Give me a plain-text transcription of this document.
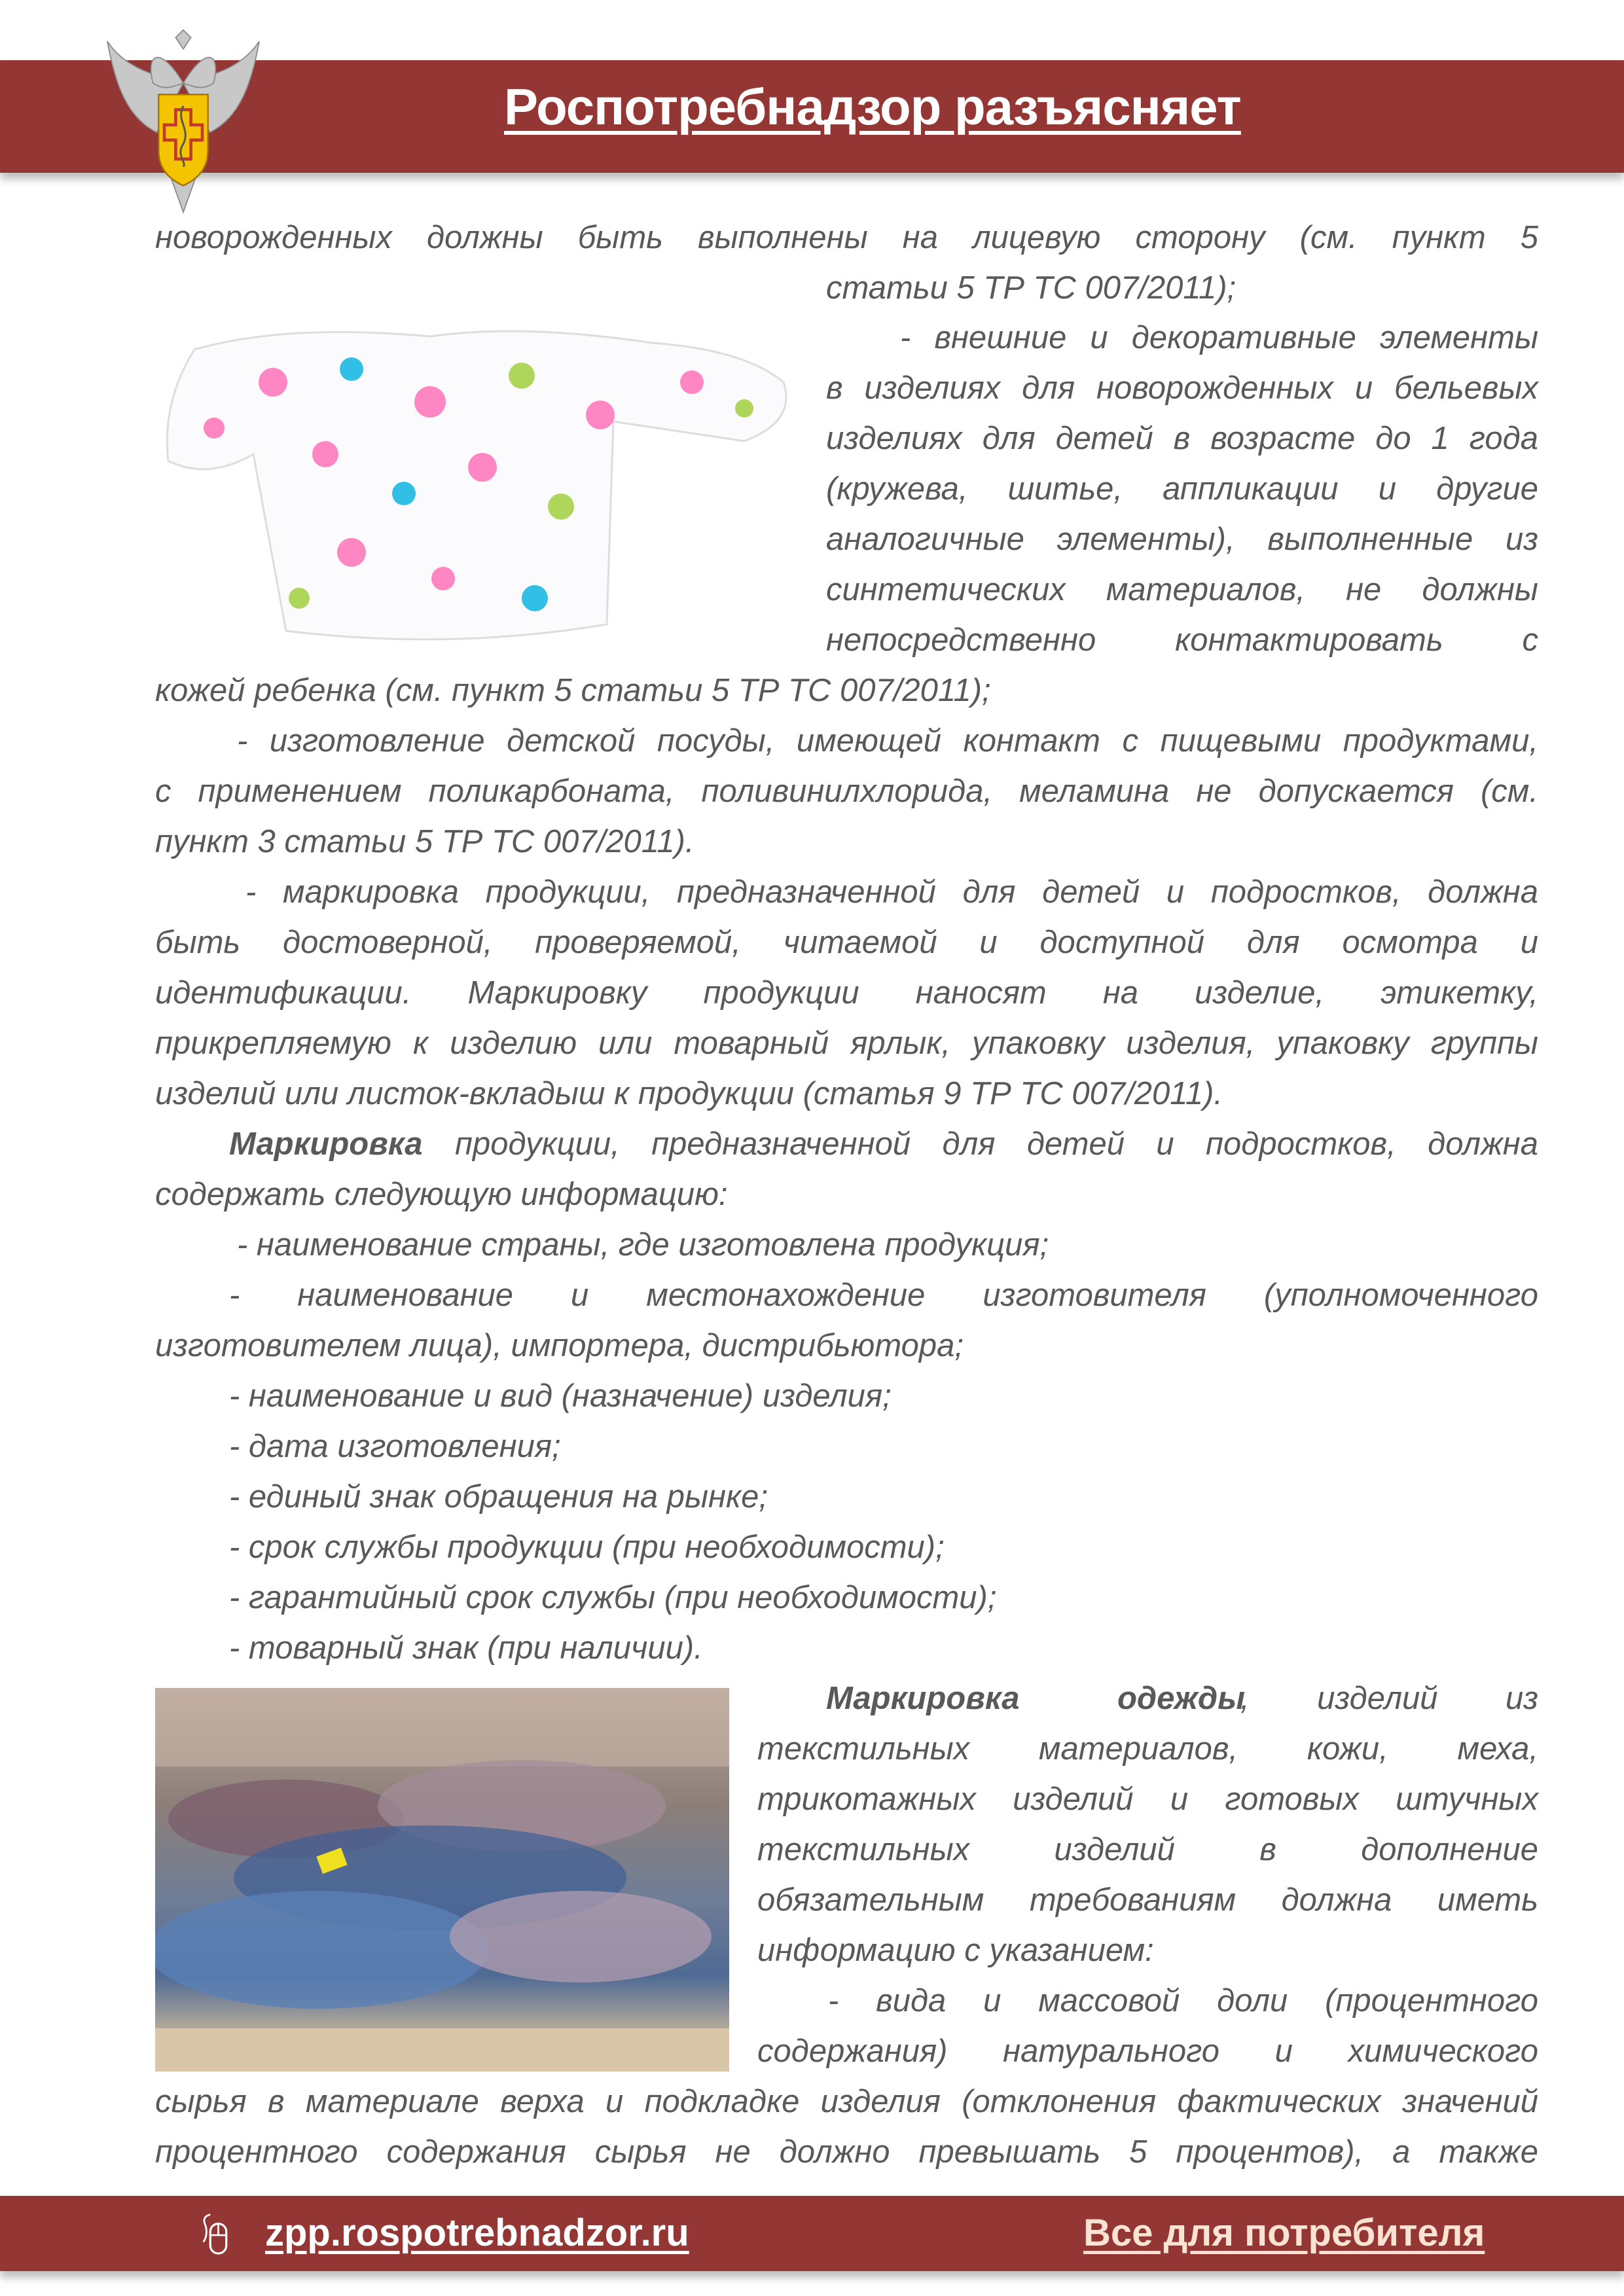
Роспотребнадзор разъясняет
новорожденных должны быть выполнены на лицевую сторону (см. пункт 5
статьи 5 ТР ТС 007/2011);
- внешние и декоративные элементы
в изделиях для новорожденных и бельевых
изделиях для детей в возрасте до 1 года
(кружева, шитье, аппликации и другие
аналогичные элементы), выполненные из
синтетических материалов, не должны
непосредственно контактировать с
кожей ребенка (см. пункт 5 статьи 5 ТР ТС 007/2011);
- изготовление детской посуды, имеющей контакт с пищевыми продуктами,
с применением поликарбоната, поливинилхлорида, меламина не допускается (см.
пункт 3 статьи 5 ТР ТС 007/2011).
- маркировка продукции, предназначенной для детей и подростков, должна
быть достоверной, проверяемой, читаемой и доступной для осмотра и
идентификации. Маркировку продукции наносят на изделие, этикетку,
прикрепляемую к изделию или товарный ярлык, упаковку изделия, упаковку группы
изделий или листок-вкладыш к продукции (статья 9 ТР ТС 007/2011).
Маркировка продукции, предназначенной для детей и подростков, должна
содержать следующую информацию:
- наименование страны, где изготовлена продукция;
- наименование и местонахождение изготовителя (уполномоченного
изготовителем лица), импортера, дистрибьютора;
- наименование и вид (назначение) изделия;
- дата изготовления;
- единый знак обращения на рынке;
- срок службы продукции (при необходимости);
- гарантийный срок службы (при необходимости);
- товарный знак (при наличии).
Маркировка одежды
, изделий из
текстильных материалов, кожи, меха,
трикотажных изделий и готовых штучных
текстильных изделий в дополнение
обязательным требованиям должна иметь
информацию с указанием:
- вида и массовой доли (процентного
содержания) натурального и химического
сырья в материале верха и подкладке изделия (отклонения фактических значений
процентного содержания сырья не должно превышать 5 процентов), а также
zpp.rospotrebnadzor.ru	Все для потребителя
